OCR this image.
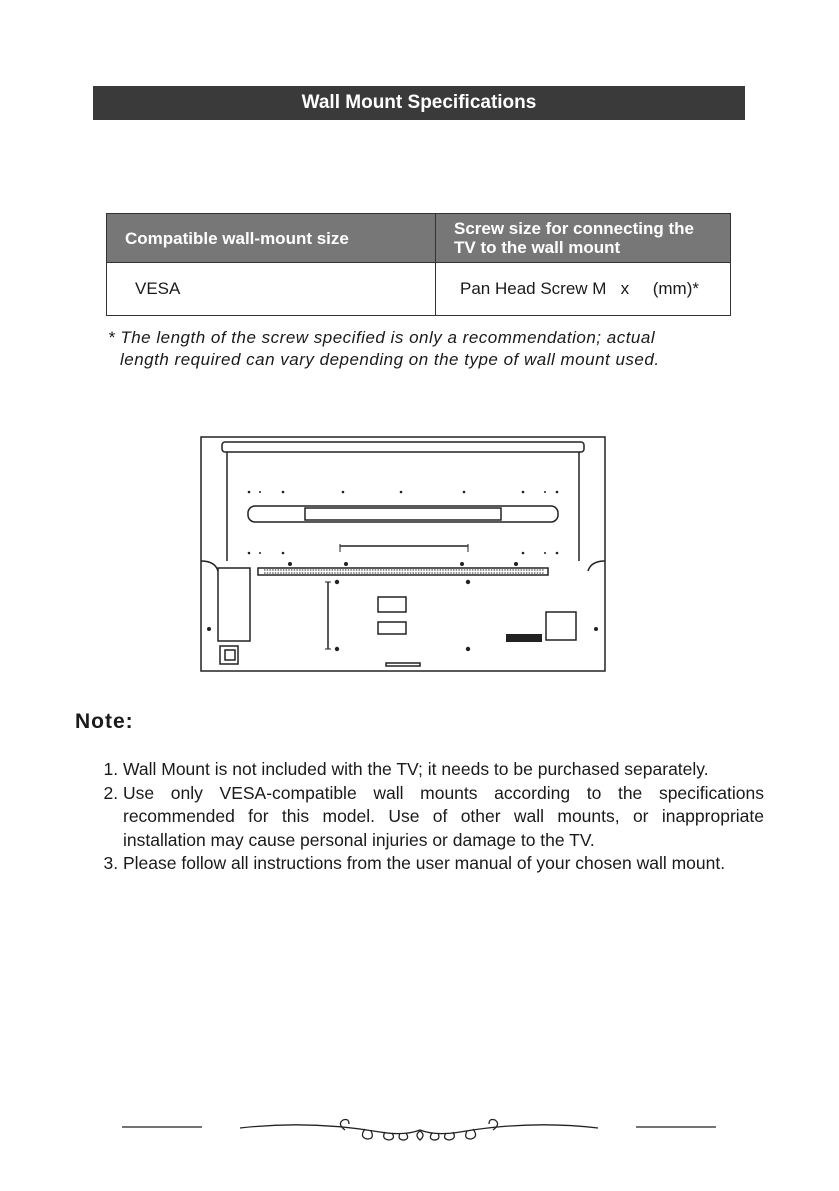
Wall Mount Specifications
Compatible wall-mount size	Screw size for connecting the TV to the wall mount
VESA	Pan Head Screw M   x     (mm)*
* The length of the screw specified is only a recommendation; actual
length required can vary depending on the type of wall mount used.
Note:
1. Wall Mount is not included with the TV; it needs to be purchased separately.
2. Use only VESA-compatible wall mounts according to the specifications recommended for this model. Use of other wall mounts, or inappropriate installation may cause personal injuries or damage to the TV.
3. Please follow all instructions from the user manual of your chosen wall mount.
